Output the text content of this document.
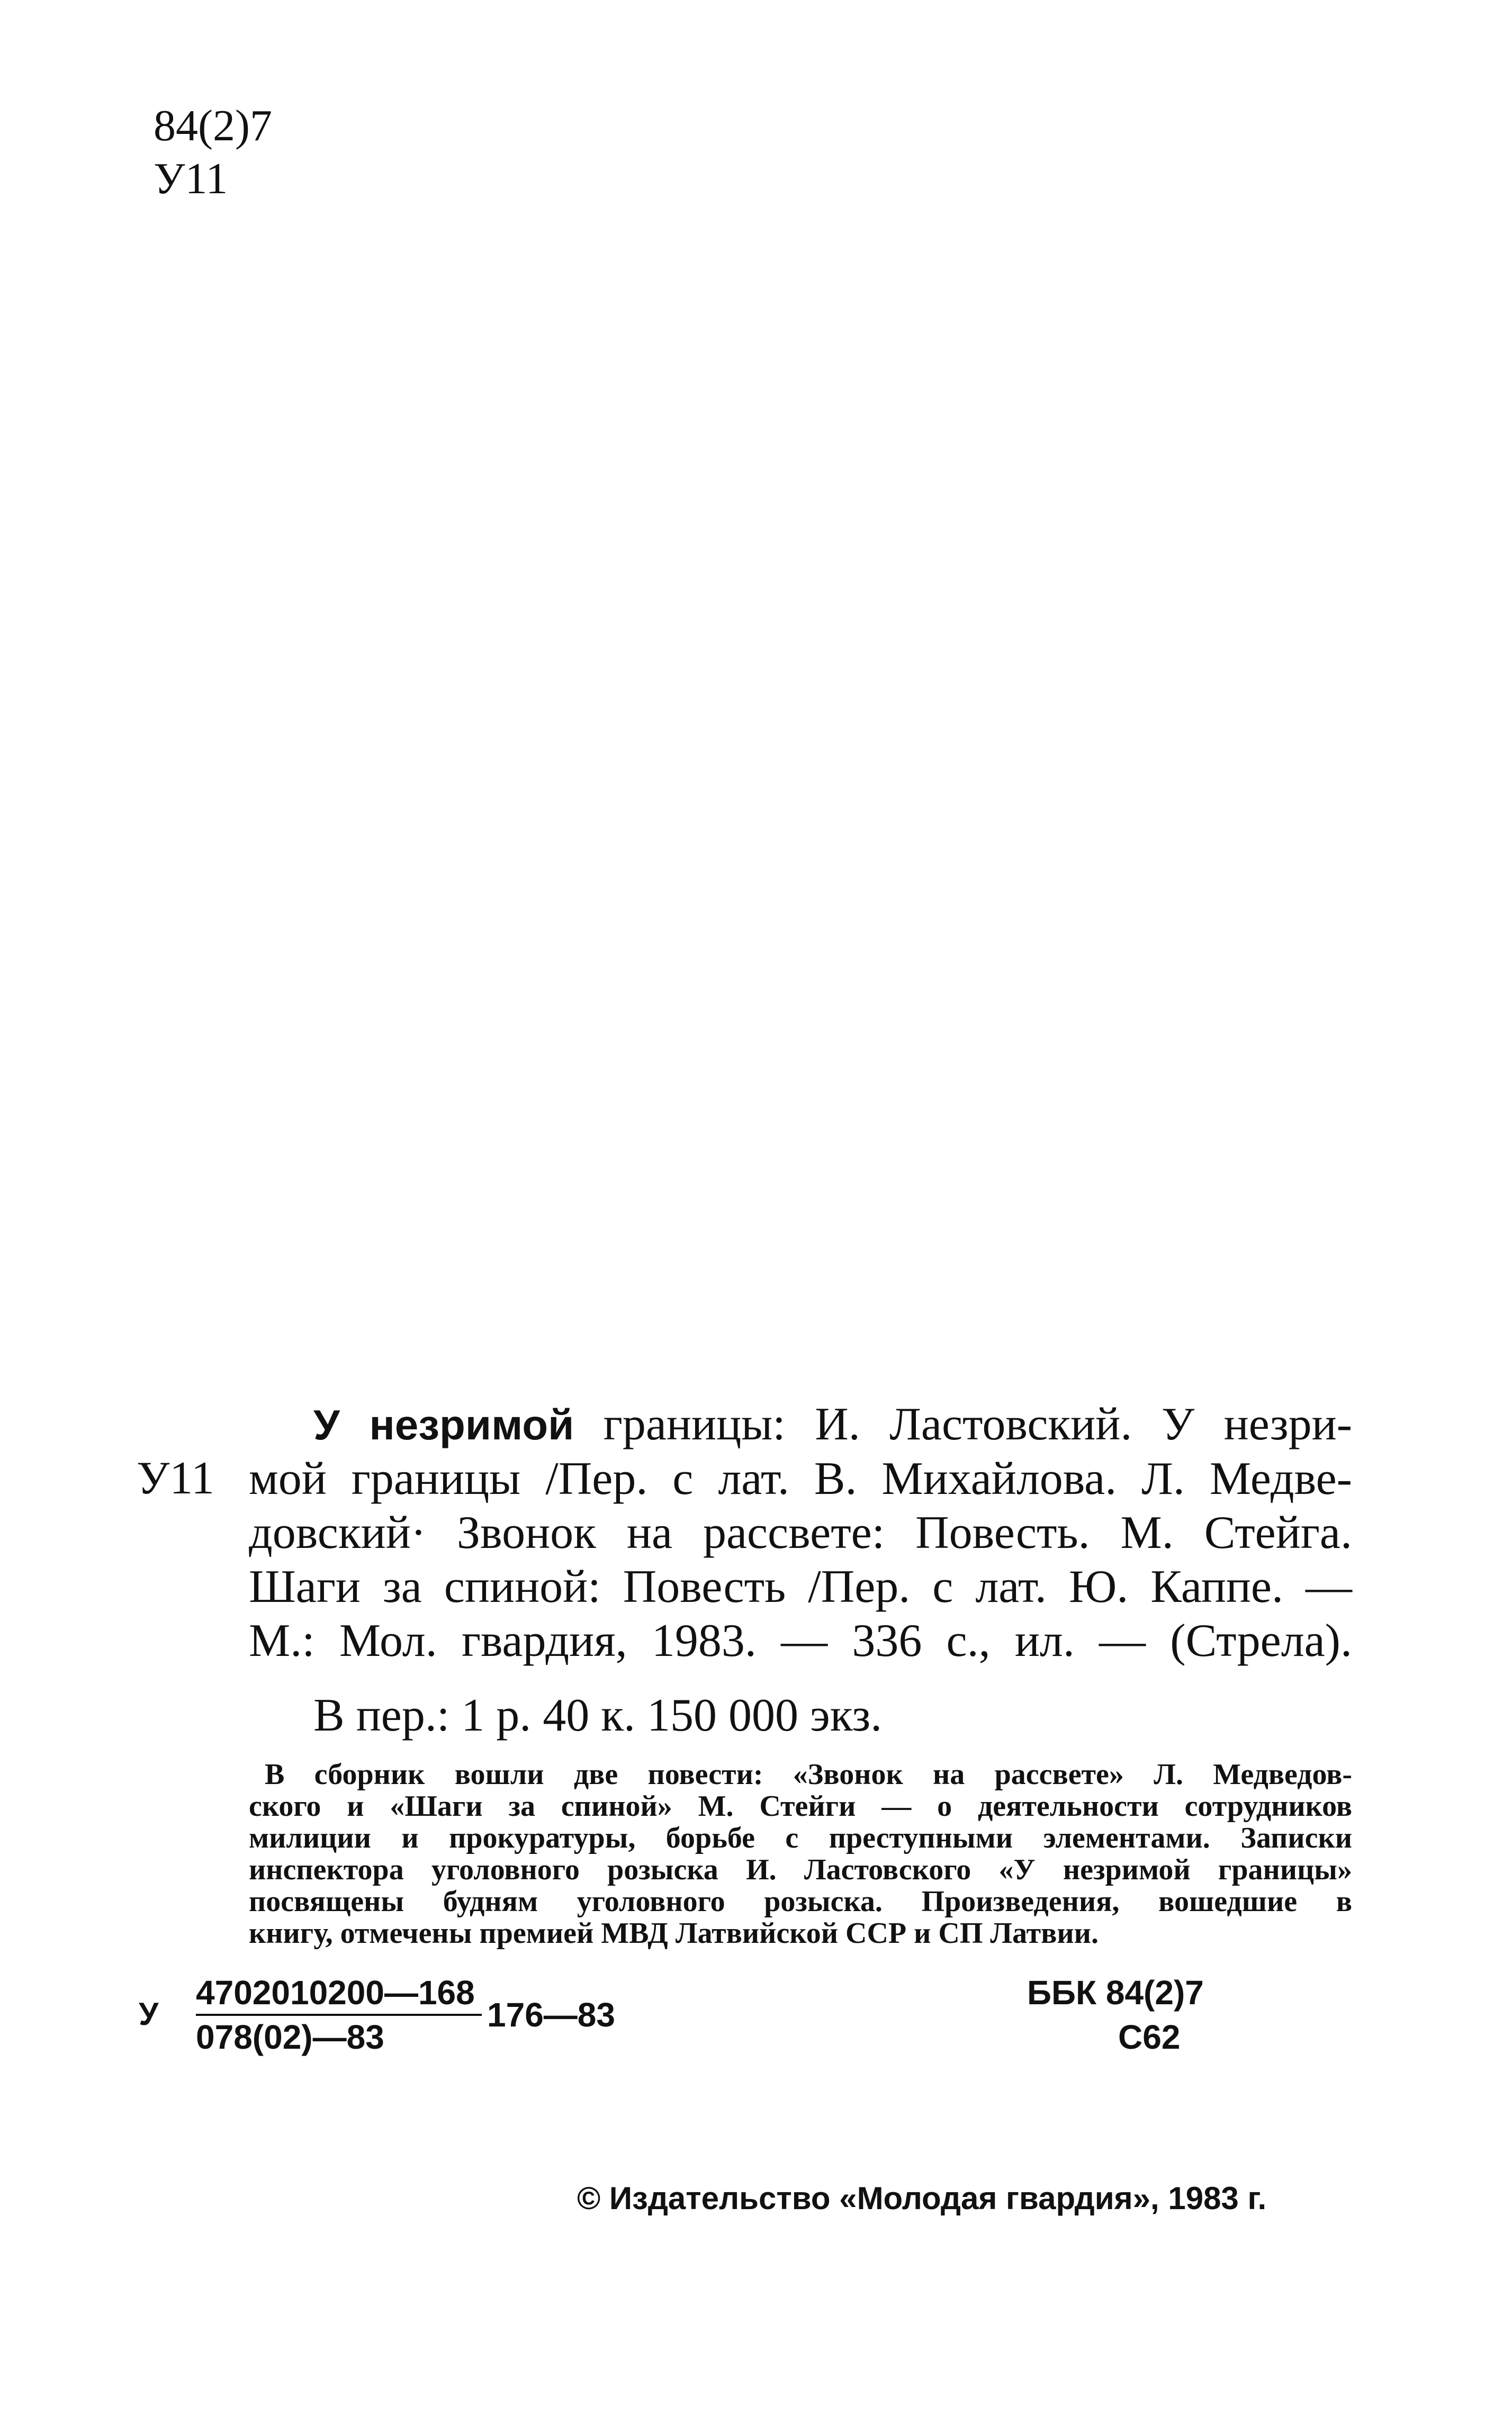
84(2)7
У11
У11
У незримой границы: И. Ластовский. У незри-
мой границы /Пер. с лат. В. Михайлова. Л. Медве-
довский· Звонок на рассвете: Повесть. М. Стейга.
Шаги за спиной: Повесть /Пер. с лат. Ю. Каппе. —
М.: Мол. гвардия, 1983. — 336 с., ил. — (Стрела).
В пер.: 1 р. 40 к. 150 000 экз.
В сборник вошли две повести: «Звонок на рассвете» Л. Медведов-
ского и «Шаги за спиной» М. Стейги — о деятельности сотрудников
милиции и прокуратуры, борьбе с преступными элементами. Записки
инспектора уголовного розыска И. Ластовского «У незримой границы»
посвящены будням уголовного розыска. Произведения, вошедшие в
книгу, отмечены премией МВД Латвийской ССР и СП Латвии.
У
4702010200—168
078(02)—83
176—83
ББК 84(2)7
С62
© Издательство «Молодая гвардия», 1983 г.
